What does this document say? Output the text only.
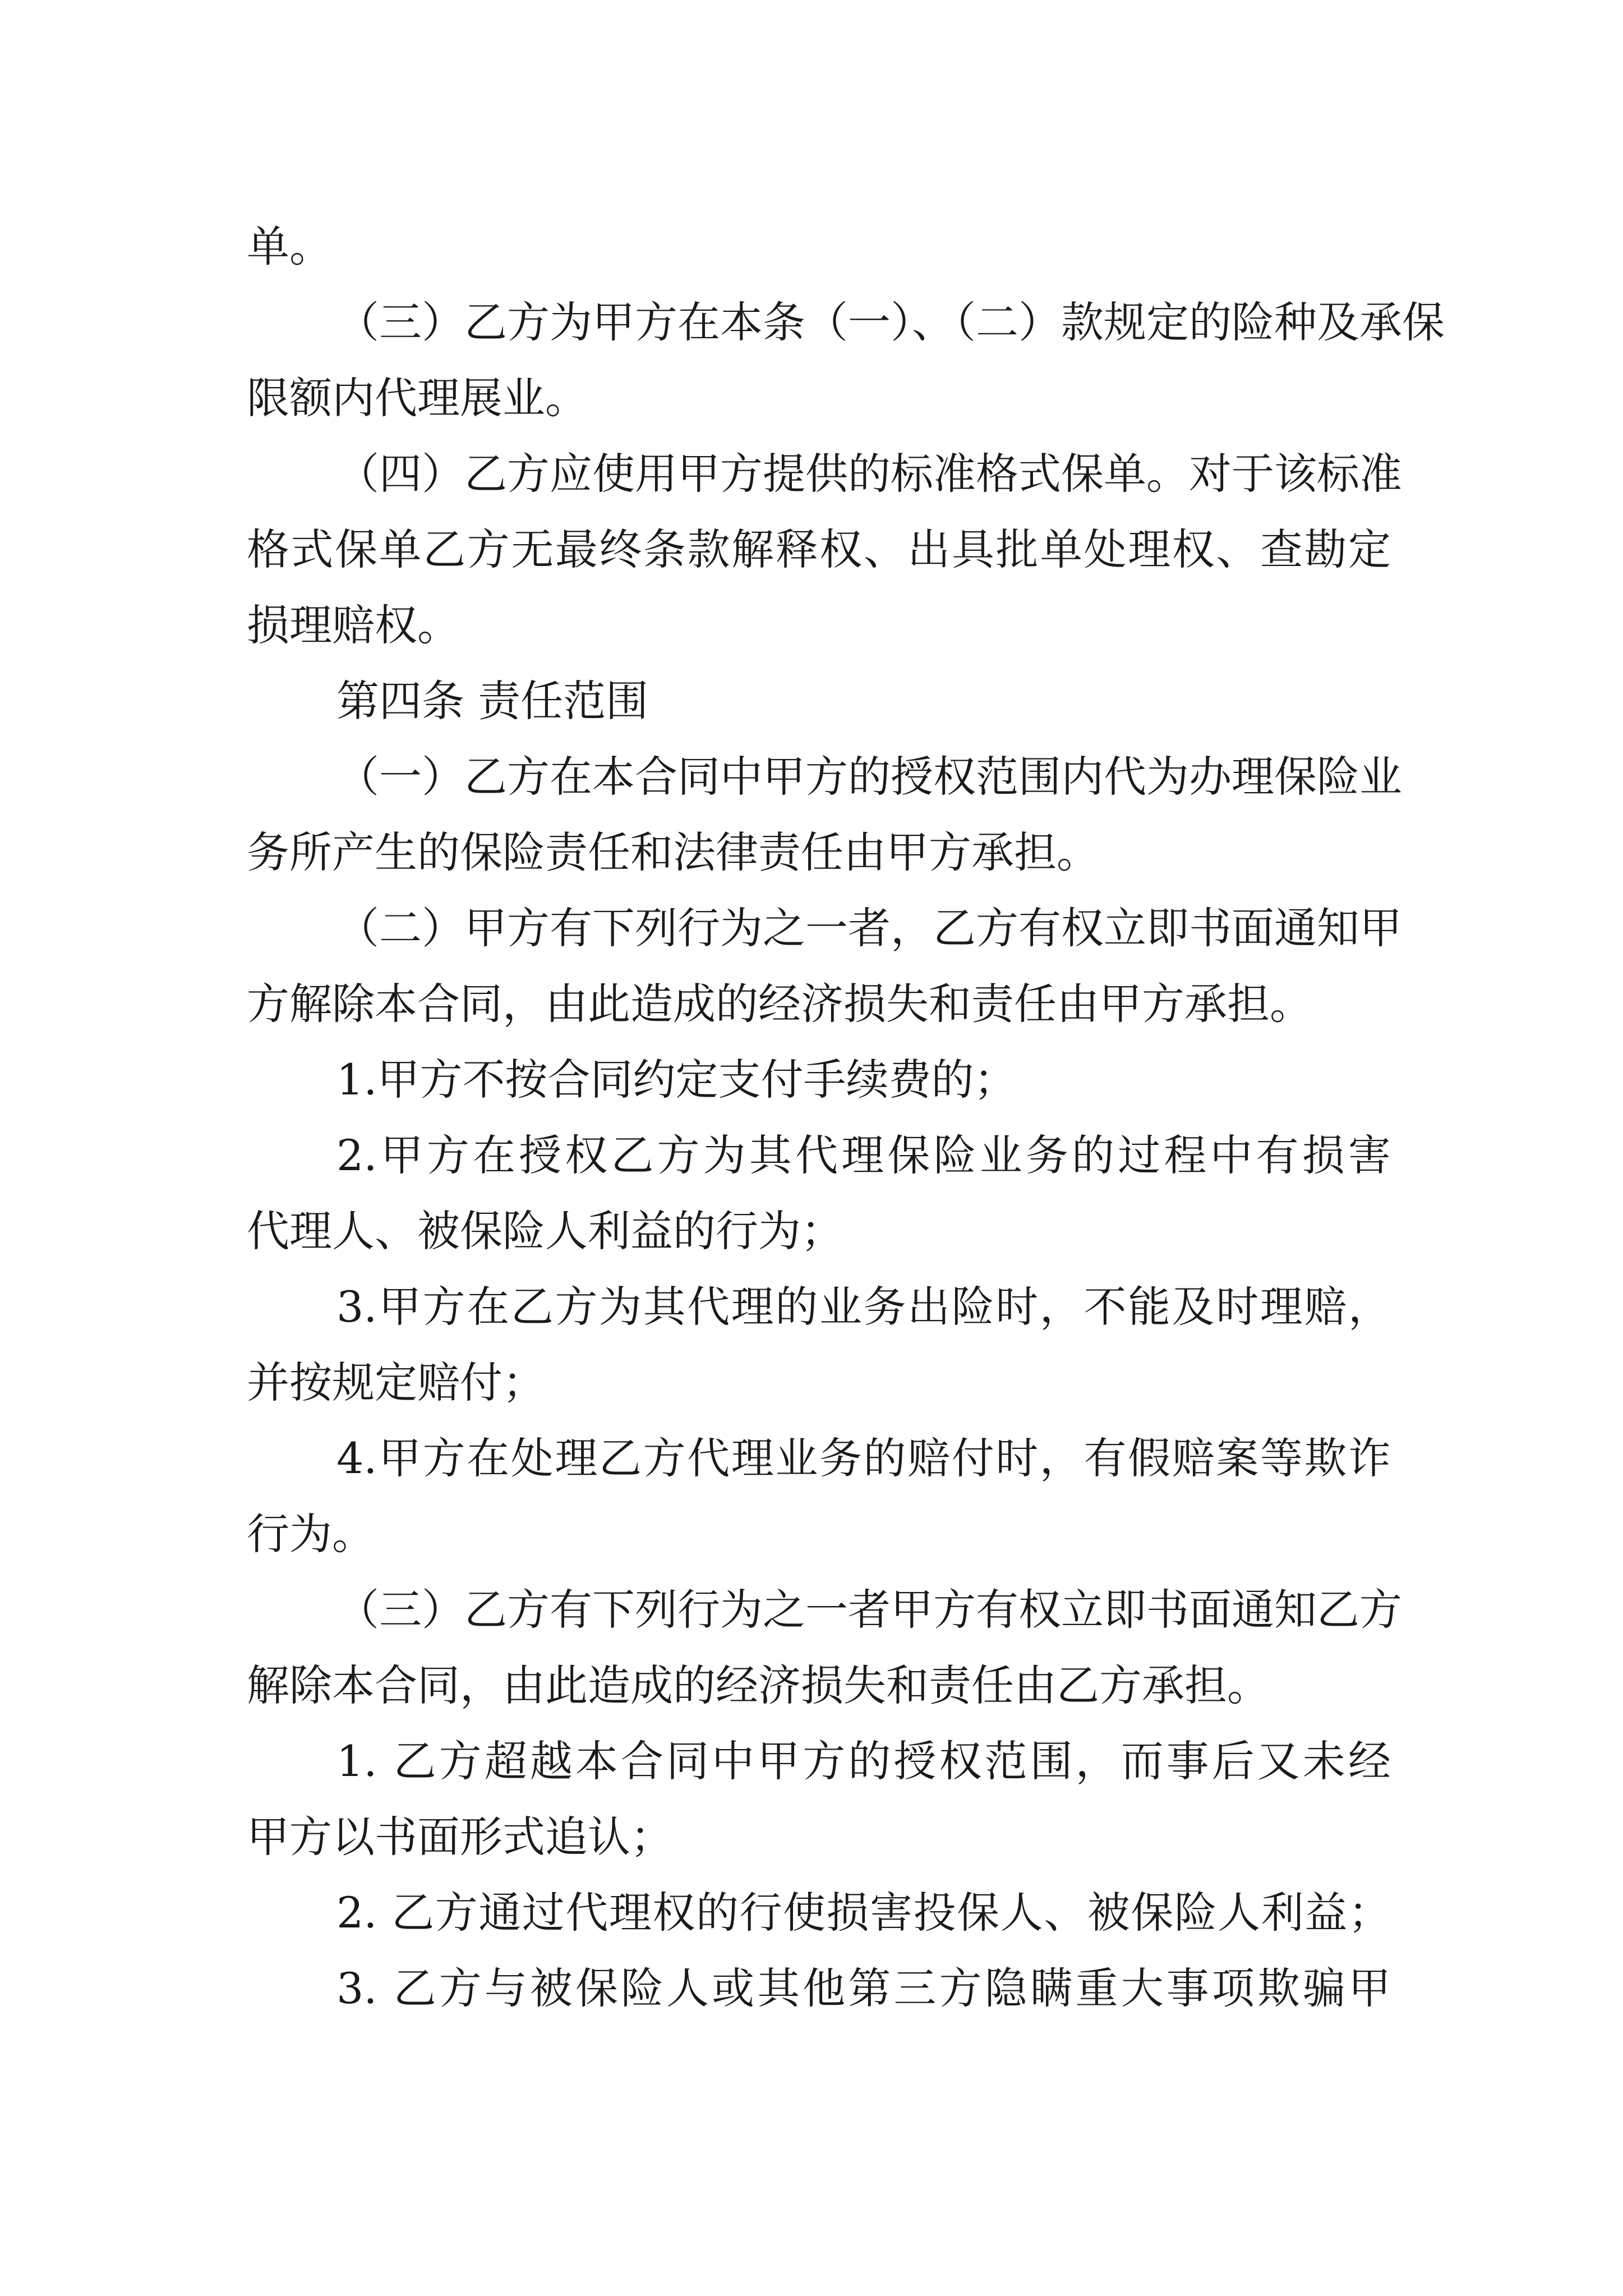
单。
（三）乙方为甲方在本条（一）、（二）款规定的险种及承保
限额内代理展业。
（四）乙方应使用甲方提供的标准格式保单。对于该标准
格式保单乙方无最终条款解释权、出具批单处理权、查勘定
损理赔权。
第四条 责任范围
（一）乙方在本合同中甲方的授权范围内代为办理保险业
务所产生的保险责任和法律责任由甲方承担。
（二）甲方有下列行为之一者，乙方有权立即书面通知甲
方解除本合同，由此造成的经济损失和责任由甲方承担。
1.甲方不按合同约定支付手续费的；
2.甲方在授权乙方为其代理保险业务的过程中有损害
代理人、被保险人利益的行为；
3.甲方在乙方为其代理的业务出险时，不能及时理赔，
并按规定赔付；
4.甲方在处理乙方代理业务的赔付时，有假赔案等欺诈
行为。
（三）乙方有下列行为之一者甲方有权立即书面通知乙方
解除本合同，由此造成的经济损失和责任由乙方承担。
1. 乙方超越本合同中甲方的授权范围，而事后又未经
甲方以书面形式追认；
2. 乙方通过代理权的行使损害投保人、被保险人利益；
3. 乙方与被保险人或其他第三方隐瞒重大事项欺骗甲
